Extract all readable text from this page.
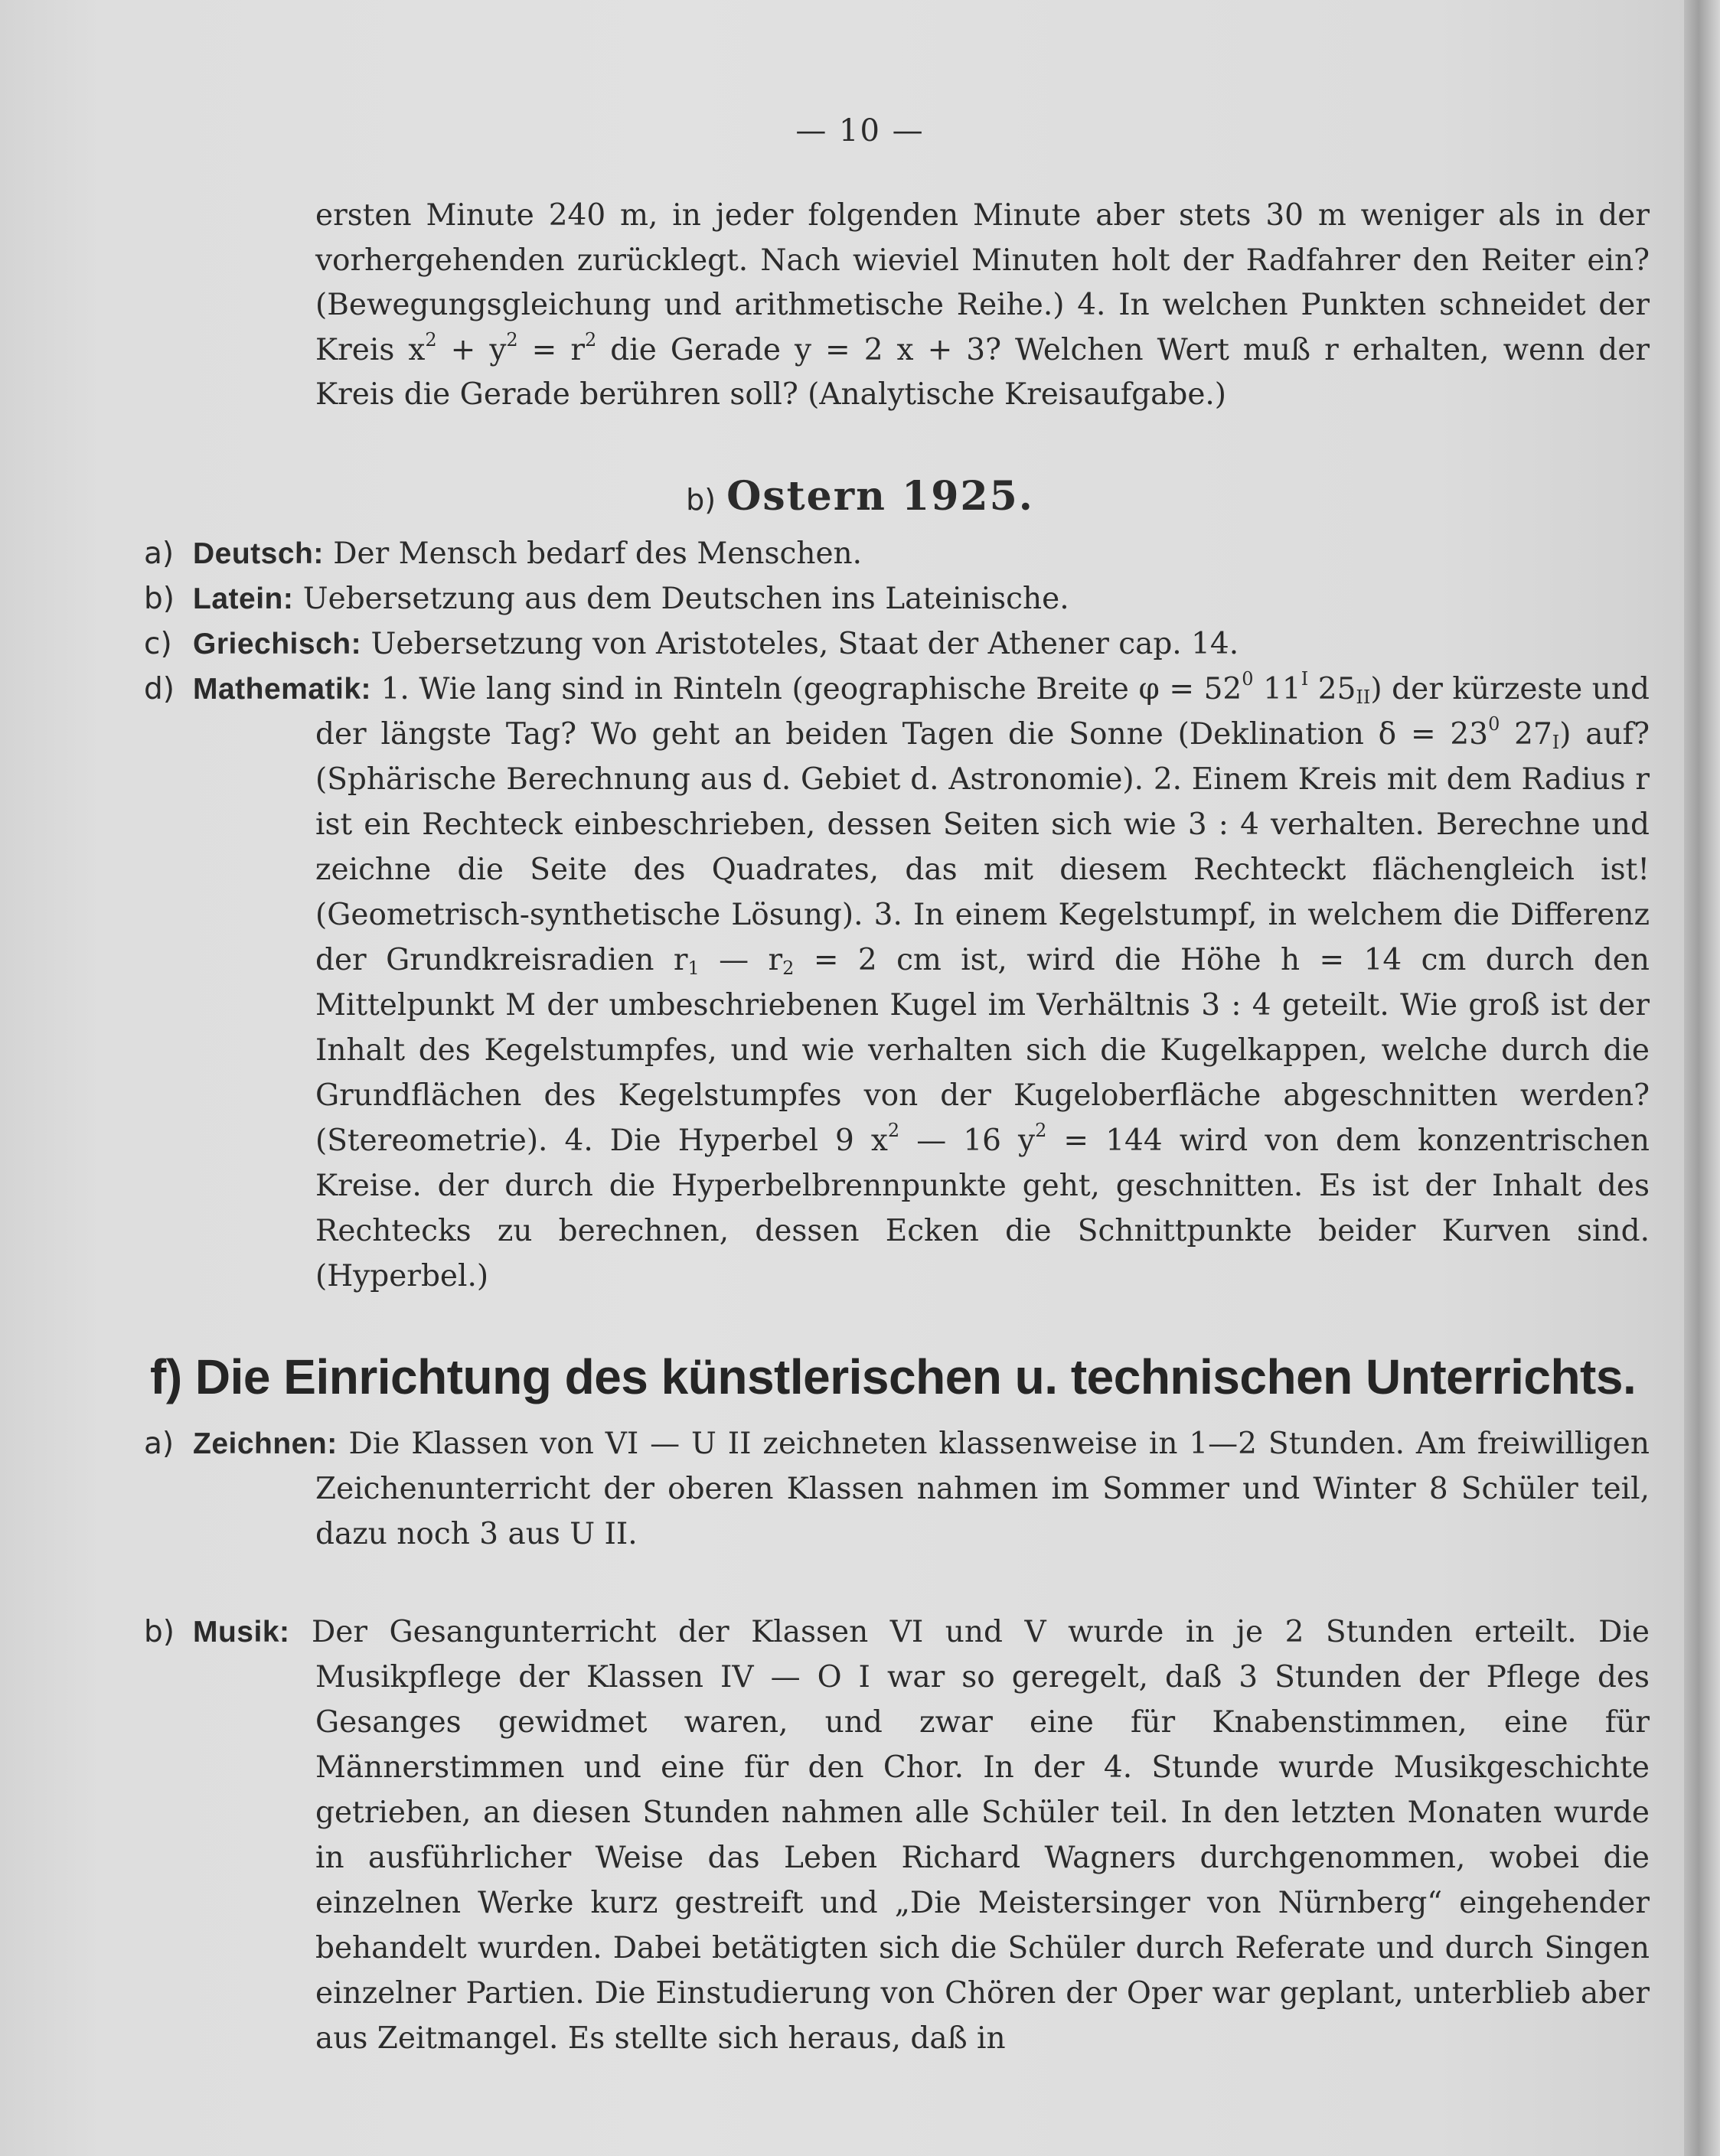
— 10 —
ersten Minute 240 m, in jeder folgenden Minute aber stets 30 m weniger als in der vorhergehenden zurücklegt. Nach wieviel Minuten holt der Radfahrer den Reiter ein? (Bewegungsgleichung und arithmetische Reihe.) 4. In welchen Punkten schneidet der Kreis $x^2 + y^2 = r^2$ die Gerade y = 2 x + 3? Welchen Wert muß r erhalten, wenn der Kreis die Gerade berühren soll? (Analytische Kreisaufgabe.)
b) Ostern 1925.
a) Deutsch: Der Mensch bedarf des Menschen.
b) Latein: Uebersetzung aus dem Deutschen ins Lateinische.
c) Griechisch: Uebersetzung von Aristoteles, Staat der Athener cap. 14.
d) Mathematik: 1. Wie lang sind in Rinteln (geographische Breite $\varphi = 52^0$ $11^I$ $25_{II}$) der kürzeste und der längste Tag? Wo geht an beiden Tagen die Sonne (Deklination $\delta = 23^0$ $27_I$) auf? (Sphärische Berechnung aus d. Gebiet d. Astronomie). 2. Einem Kreis mit dem Radius r ist ein Rechteck einbeschrieben, dessen Seiten sich wie 3 : 4 verhalten. Berechne und zeichne die Seite des Quadrates, das mit diesem Rechteckt flächengleich ist! (Geometrisch-synthetische Lösung). 3. In einem Kegelstumpf, in welchem die Differenz der Grundkreisradien $r_1$ — $r_2 = 2$ cm ist, wird die Höhe h = 14 cm durch den Mittelpunkt M der umbeschriebenen Kugel im Verhältnis 3 : 4 geteilt. Wie groß ist der Inhalt des Kegelstumpfes, und wie verhalten sich die Kugelkappen, welche durch die Grundflächen des Kegelstumpfes von der Kugeloberfläche abgeschnitten werden? (Stereometrie). 4. Die Hyperbel 9 $x^2$ — 16 $y^2 = 144$ wird von dem konzentrischen Kreise. der durch die Hyperbelbrennpunkte geht, geschnitten. Es ist der Inhalt des Rechtecks zu berechnen, dessen Ecken die Schnittpunkte beider Kurven sind. (Hyperbel.)
f) Die Einrichtung des künstlerischen u. technischen Unterrichts.
a) Zeichnen: Die Klassen von VI — U II zeichneten klassenweise in 1—2 Stunden. Am freiwilligen Zeichenunterricht der oberen Klassen nahmen im Sommer und Winter 8 Schüler teil, dazu noch 3 aus U II.
b) Musik: Der Gesangunterricht der Klassen VI und V wurde in je 2 Stunden erteilt. Die Musikpflege der Klassen IV — O I war so geregelt, daß 3 Stunden der Pflege des Gesanges gewidmet waren, und zwar eine für Knabenstimmen, eine für Männerstimmen und eine für den Chor. In der 4. Stunde wurde Musikgeschichte getrieben, an diesen Stunden nahmen alle Schüler teil. In den letzten Monaten wurde in ausführlicher Weise das Leben Richard Wagners durchgenommen, wobei die einzelnen Werke kurz gestreift und „Die Meistersinger von Nürnberg“ eingehender behandelt wurden. Dabei betätigten sich die Schüler durch Referate und durch Singen einzelner Partien. Die Einstudierung von Chören der Oper war geplant, unterblieb aber aus Zeitmangel. Es stellte sich heraus, daß in
